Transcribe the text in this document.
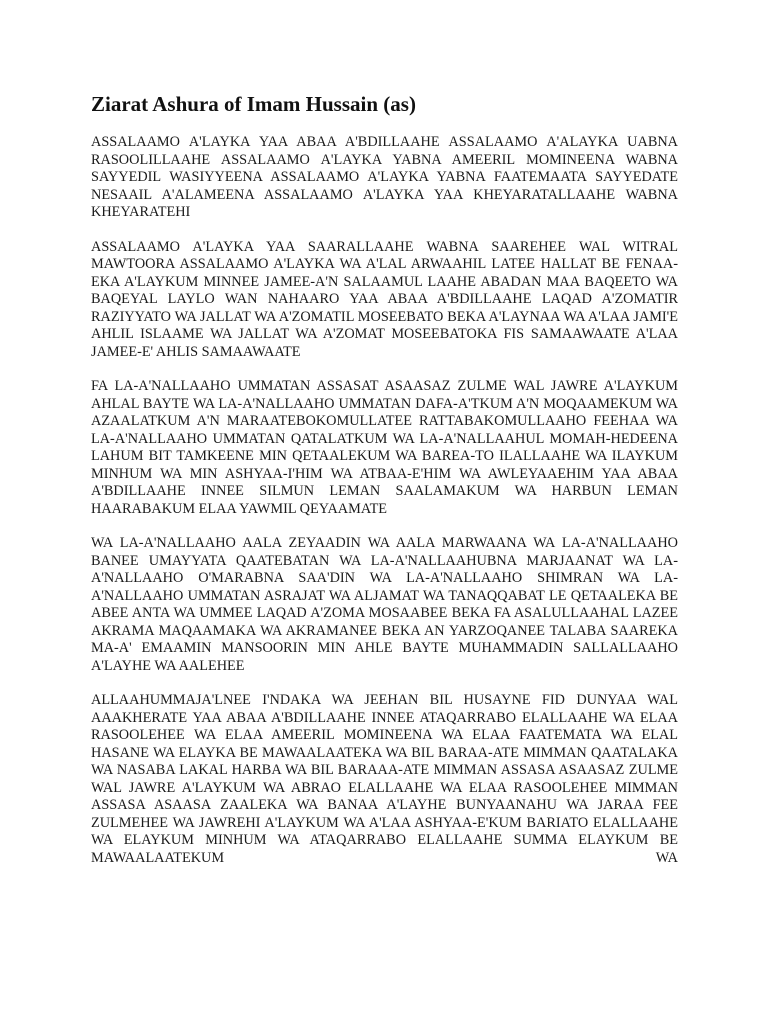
Ziarat Ashura of Imam Hussain (as)

ASSALAAMO A'LAYKA YAA ABAA A'BDILLAAHE ASSALAAMO A'ALAYKA UABNA RASOOLILLAAHE ASSALAAMO A'LAYKA YABNA AMEERIL MOMINEENA WABNA SAYYEDIL WASIYYEENA ASSALAAMO A'LAYKA YABNA FAATEMAATA SAYYEDATE NESAAIL A'ALAMEENA ASSALAAMO A'LAYKA YAA KHEYARATALLAAHE WABNA KHEYARATEHI

ASSALAAMO A'LAYKA YAA SAARALLAAHE WABNA SAAREHEE WAL WITRAL MAWTOORA ASSALAAMO A'LAYKA WA A'LAL ARWAAHIL LATEE HALLAT BE FENAA-EKA A'LAYKUM MINNEE JAMEE-A'N SALAAMUL LAAHE ABADAN MAA BAQEETO WA BAQEYAL LAYLO WAN NAHAARO YAA ABAA A'BDILLAAHE LAQAD A'ZOMATIR RAZIYYATO WA JALLAT WA A'ZOMATIL MOSEEBATO BEKA A'LAYNAA WA A'LAA JAMI'E AHLIL ISLAAME WA JALLAT WA A'ZOMAT MOSEEBATOKA FIS SAMAAWAATE A'LAA JAMEE-E' AHLIS SAMAAWAATE

FA LA-A'NALLAAHO UMMATAN ASSASAT ASAASAZ ZULME WAL JAWRE A'LAYKUM AHLAL BAYTE WA LA-A'NALLAAHO UMMATAN DAFA-A'TKUM A'N MOQAAMEKUM WA AZAALATKUM A'N MARAATEBOKOMULLATEE RATTABAKOMULLAAHO FEEHAA WA LA-A'NALLAAHO UMMATAN QATALATKUM WA LA-A'NALLAAHUL MOMAH-HEDEENA LAHUM BIT TAMKEENE MIN QETAALEKUM WA BAREA-TO ILALLAAHE WA ILAYKUM MINHUM WA MIN ASHYAA-I'HIM WA ATBAA-E'HIM WA AWLEYAAEHIM YAA ABAA A'BDILLAAHE INNEE SILMUN LEMAN SAALAMAKUM WA HARBUN LEMAN HAARABAKUM ELAA YAWMIL QEYAAMATE

WA LA-A'NALLAAHO AALA ZEYAADIN WA AALA MARWAANA WA LA-A'NALLAAHO BANEE UMAYYATA QAATEBATAN WA LA-A'NALLAAHUBNA MARJAANAT WA LA-A'NALLAAHO O'MARABNA SAA'DIN WA LA-A'NALLAAHO SHIMRAN WA LA-A'NALLAAHO UMMATAN ASRAJAT WA ALJAMAT WA TANAQQABAT LE QETAALEKA BE ABEE ANTA WA UMMEE LAQAD A'ZOMA MOSAABEE BEKA FA ASALULLAAHAL LAZEE AKRAMA MAQAAMAKA WA AKRAMANEE BEKA AN YARZOQANEE TALABA SAAREKA MA-A' EMAAMIN MANSOORIN MIN AHLE BAYTE MUHAMMADIN SALLALLAAHO A'LAYHE WA AALEHEE

ALLAAHUMMAJA'LNEE I'NDAKA WA JEEHAN BIL HUSAYNE FID DUNYAA WAL AAAKHERATE YAA ABAA A'BDILLAAHE INNEE ATAQARRABO ELALLAAHE WA ELAA RASOOLEHEE WA ELAA AMEERIL MOMINEENA WA ELAA FAATEMATA WA ELAL HASANE WA ELAYKA BE MAWAALAATEKA WA BIL BARAA-ATE MIMMAN QAATALAKA WA NASABA LAKAL HARBA WA BIL BARAAA-ATE MIMMAN ASSASA ASAASAZ ZULME WAL JAWRE A'LAYKUM WA ABRAO ELALLAAHE WA ELAA RASOOLEHEE MIMMAN ASSASA ASAASA ZAALEKA WA BANAA A'LAYHE BUNYAANAHU WA JARAA FEE ZULMEHEE WA JAWREHI A'LAYKUM WA A'LAA ASHYAA-E'KUM BARIATO ELALLAAHE WA ELAYKUM MINHUM WA ATAQARRABO ELALLAAHE SUMMA ELAYKUM BE MAWAALAATEKUM WA
